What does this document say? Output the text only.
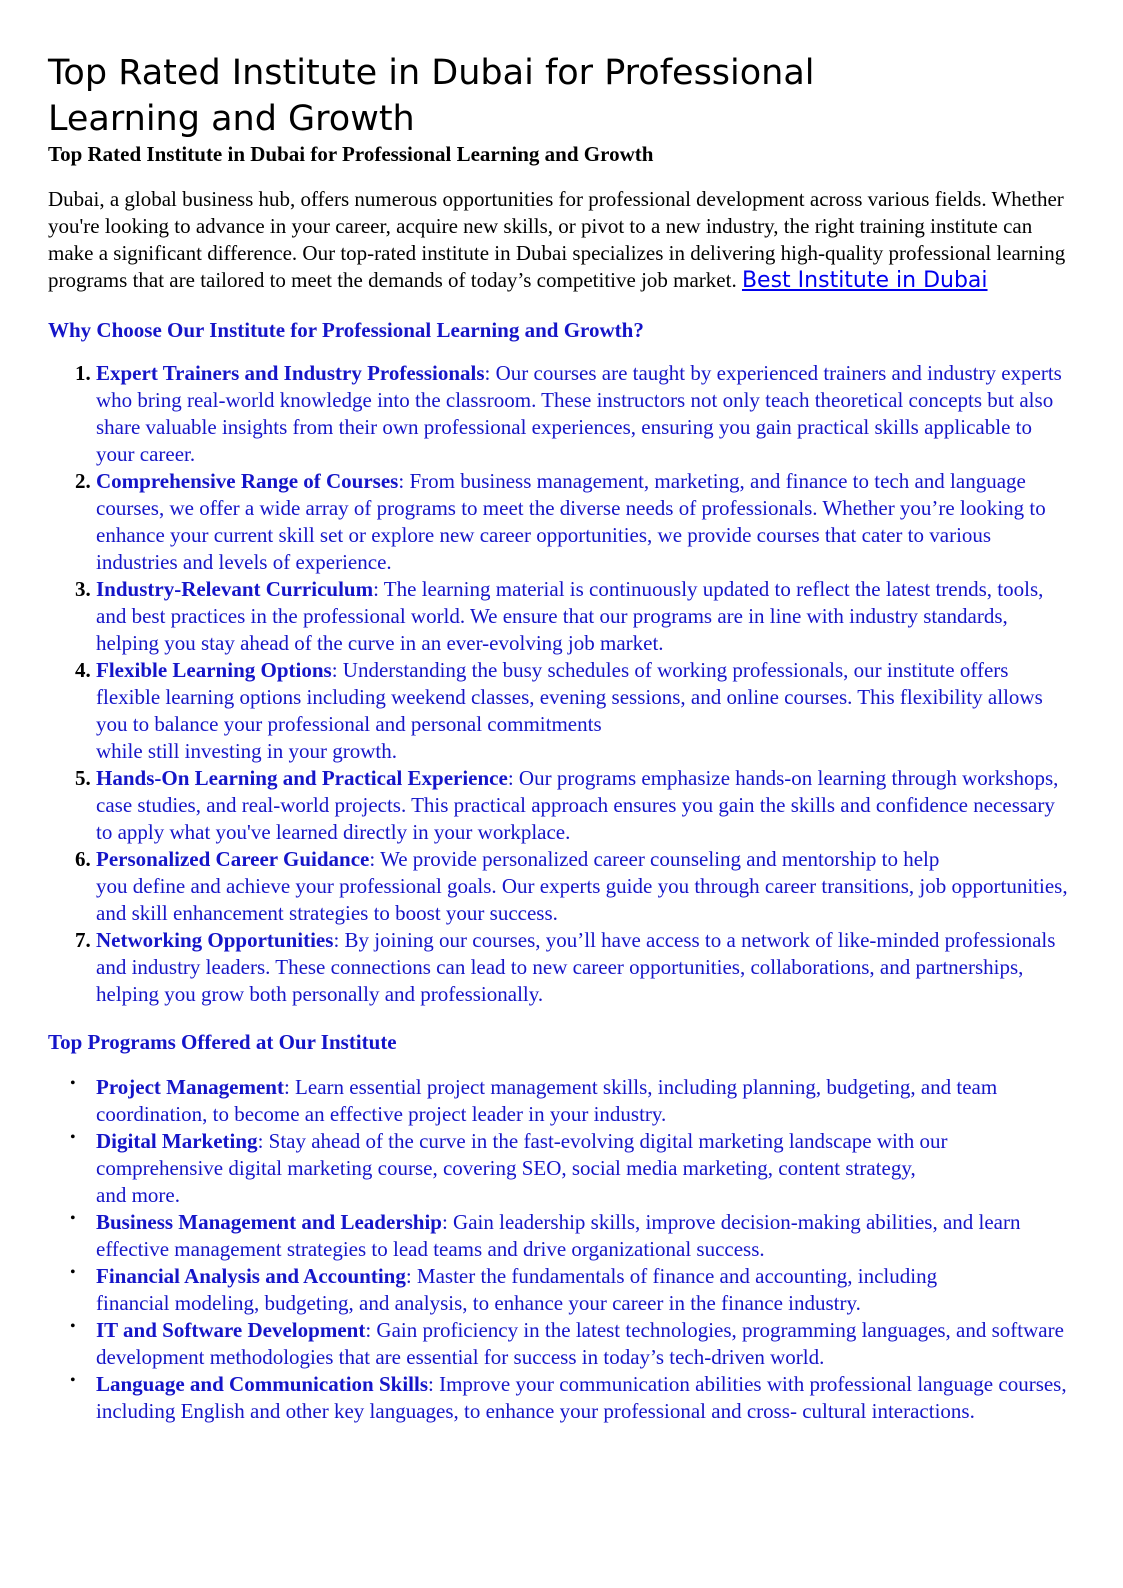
Top Rated Institute in Dubai for Professional Learning and Growth
Top Rated Institute in Dubai for Professional Learning and Growth

Dubai, a global business hub, offers numerous opportunities for professional development across various fields. Whether you're looking to advance in your career, acquire new skills, or pivot to a new industry, the right training institute can make a significant difference. Our top-rated institute in Dubai specializes in delivering high-quality professional learning programs that are tailored to meet the demands of today’s competitive job market. Best Institute in Dubai

Why Choose Our Institute for Professional Learning and Growth?
1. Expert Trainers and Industry Professionals: Our courses are taught by experienced trainers and industry experts who bring real-world knowledge into the classroom. These instructors not only teach theoretical concepts but also share valuable insights from their own professional experiences, ensuring you gain practical skills applicable to your career.
2. Comprehensive Range of Courses: From business management, marketing, and finance to tech and language courses, we offer a wide array of programs to meet the diverse needs of professionals. Whether you’re looking to enhance your current skill set or explore new career opportunities, we provide courses that cater to various industries and levels of experience.
3. Industry-Relevant Curriculum: The learning material is continuously updated to reflect the latest trends, tools, and best practices in the professional world. We ensure that our programs are in line with industry standards, helping you stay ahead of the curve in an ever-evolving job market.
4. Flexible Learning Options: Understanding the busy schedules of working professionals, our institute offers flexible learning options including weekend classes, evening sessions, and online courses. This flexibility allows you to balance your professional and personal commitments
while still investing in your growth.
5. Hands-On Learning and Practical Experience: Our programs emphasize hands-on learning through workshops, case studies, and real-world projects. This practical approach ensures you gain the skills and confidence necessary to apply what you've learned directly in your workplace.
6. Personalized Career Guidance: We provide personalized career counseling and mentorship to help
you define and achieve your professional goals. Our experts guide you through career transitions, job opportunities, and skill enhancement strategies to boost your success.
7. Networking Opportunities: By joining our courses, you’ll have access to a network of like-minded professionals and industry leaders. These connections can lead to new career opportunities, collaborations, and partnerships, helping you grow both personally and professionally.
Top Programs Offered at Our Institute
• Project Management: Learn essential project management skills, including planning, budgeting, and team coordination, to become an effective project leader in your industry.
• Digital Marketing: Stay ahead of the curve in the fast-evolving digital marketing landscape with our comprehensive digital marketing course, covering SEO, social media marketing, content strategy,
and more.
• Business Management and Leadership: Gain leadership skills, improve decision-making abilities, and learn effective management strategies to lead teams and drive organizational success.
• Financial Analysis and Accounting: Master the fundamentals of finance and accounting, including
financial modeling, budgeting, and analysis, to enhance your career in the finance industry.
• IT and Software Development: Gain proficiency in the latest technologies, programming languages, and software development methodologies that are essential for success in today’s tech-driven world.
• Language and Communication Skills: Improve your communication abilities with professional language courses, including English and other key languages, to enhance your professional and cross- cultural interactions.
